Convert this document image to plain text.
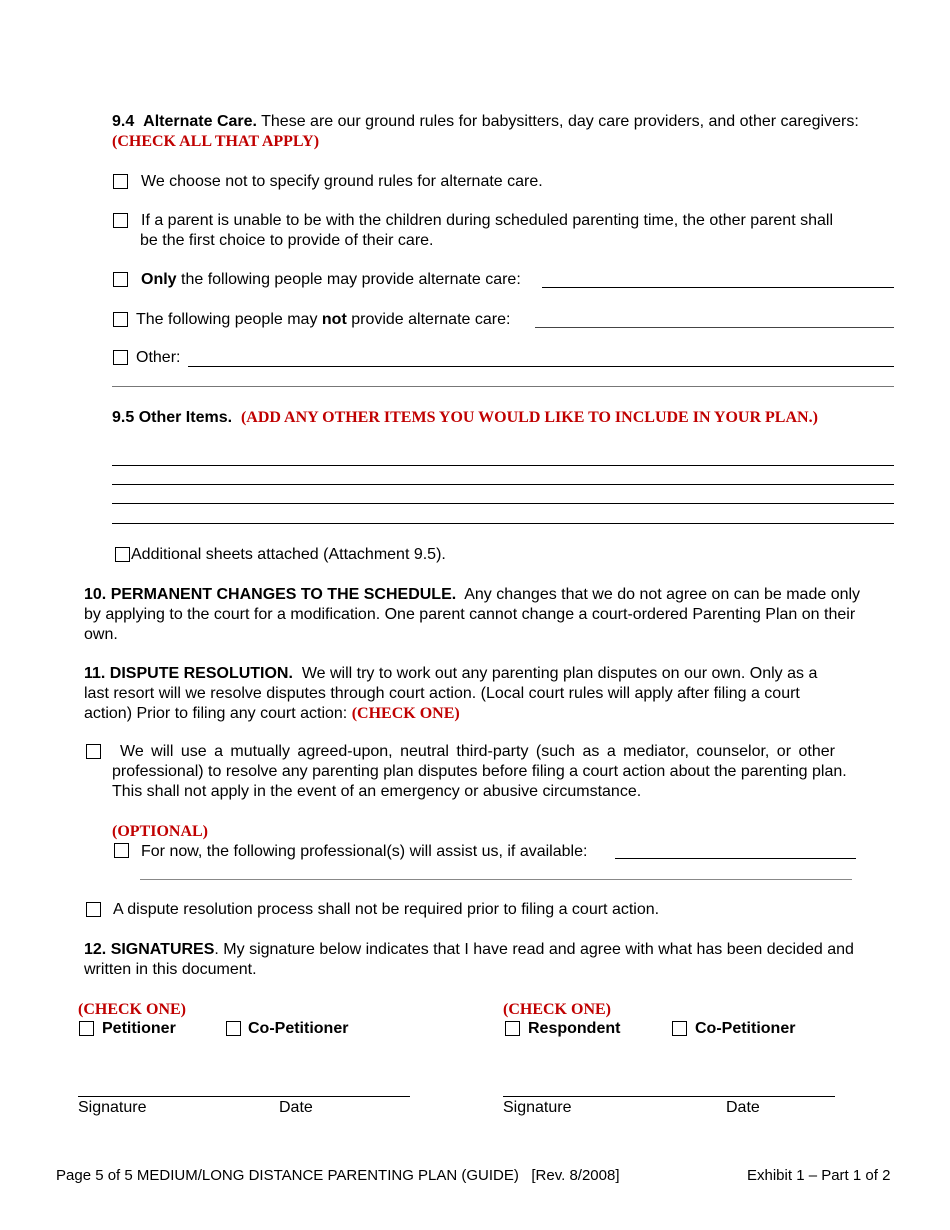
9.4 Alternate Care. These are our ground rules for babysitters, day care providers, and other caregivers:
(CHECK ALL THAT APPLY)
We choose not to specify ground rules for alternate care.
If a parent is unable to be with the children during scheduled parenting time, the other parent shall
be the first choice to provide of their care.
Only the following people may provide alternate care:
The following people may not provide alternate care:
Other:
9.5 Other Items. (ADD ANY OTHER ITEMS YOU WOULD LIKE TO INCLUDE IN YOUR PLAN.)
Additional sheets attached (Attachment 9.5).
10. PERMANENT CHANGES TO THE SCHEDULE. Any changes that we do not agree on can be made only
by applying to the court for a modification. One parent cannot change a court-ordered Parenting Plan on their
own.
11. DISPUTE RESOLUTION. We will try to work out any parenting plan disputes on our own. Only as a
last resort will we resolve disputes through court action. (Local court rules will apply after filing a court
action) Prior to filing any court action: (CHECK ONE)
We will use a mutually agreed-upon, neutral third-party (such as a mediator, counselor, or other
professional) to resolve any parenting plan disputes before filing a court action about the parenting plan.
This shall not apply in the event of an emergency or abusive circumstance.
(OPTIONAL)
For now, the following professional(s) will assist us, if available:
A dispute resolution process shall not be required prior to filing a court action.
12. SIGNATURES. My signature below indicates that I have read and agree with what has been decided and
written in this document.
(CHECK ONE)
Petitioner	Co-Petitioner
(CHECK ONE)
Respondent	Co-Petitioner
Signature	Date	Signature	Date
Page 5 of 5 MEDIUM/LONG DISTANCE PARENTING PLAN (GUIDE)   [Rev. 8/2008]	Exhibit 1 – Part 1 of 2
